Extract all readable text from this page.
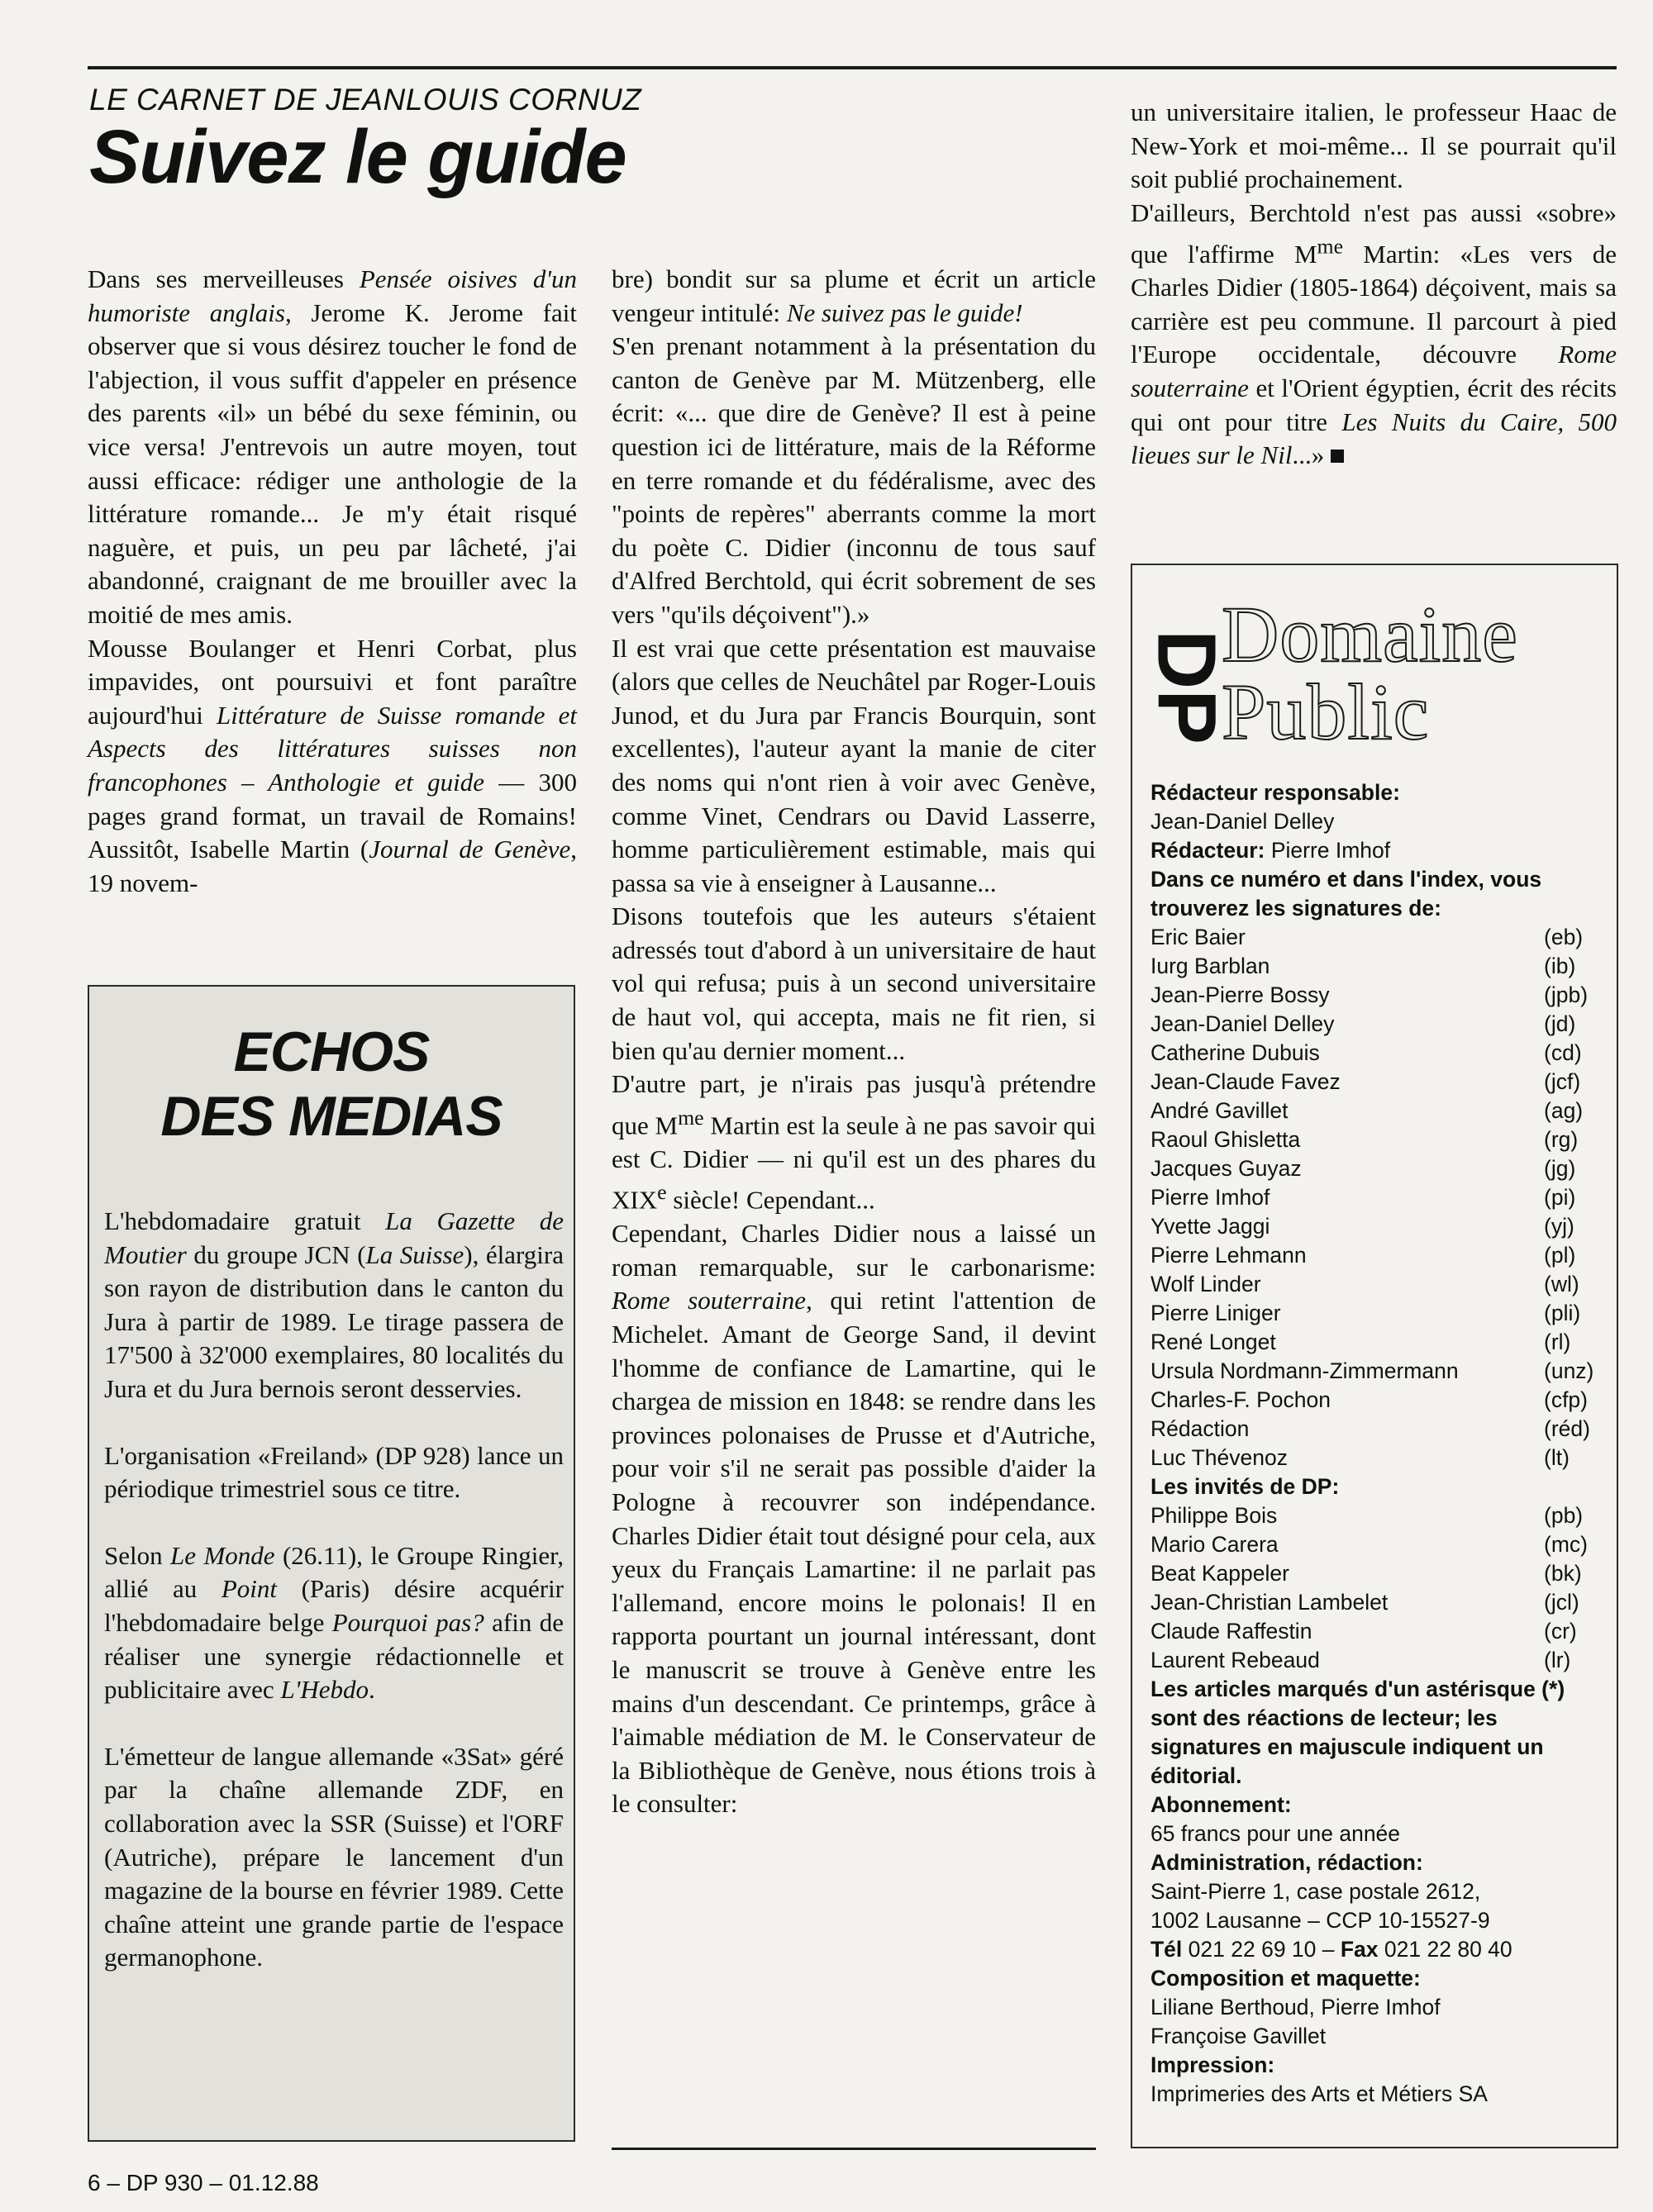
LE CARNET DE JEANLOUIS CORNUZ
Suivez le guide

Dans ses merveilleuses Pensée oisives d'un humoriste anglais, Jerome K. Jerome fait observer que si vous désirez toucher le fond de l'abjection, il vous suffit d'appeler en présence des parents «il» un bébé du sexe féminin, ou vice versa! J'entrevois un autre moyen, tout aussi efficace: rédiger une anthologie de la littérature romande... Je m'y était risqué naguère, et puis, un peu par lâcheté, j'ai abandonné, craignant de me brouiller avec la moitié de mes amis.

Mousse Boulanger et Henri Corbat, plus impavides, ont poursuivi et font paraître aujourd'hui Littérature de Suisse romande et Aspects des littératures suisses non francophones – Anthologie et guide — 300 pages grand format, un travail de Romains! Aussitôt, Isabelle Martin (Journal de Genève, 19 novem-

bre) bondit sur sa plume et écrit un article vengeur intitulé: Ne suivez pas le guide!

S'en prenant notamment à la présentation du canton de Genève par M. Mützenberg, elle écrit: «... que dire de Genève? Il est à peine question ici de littérature, mais de la Réforme en terre romande et du fédéralisme, avec des "points de repères" aberrants comme la mort du poète C. Didier (inconnu de tous sauf d'Alfred Berchtold, qui écrit sobrement de ses vers "qu'ils déçoivent").»

Il est vrai que cette présentation est mauvaise (alors que celles de Neuchâtel par Roger-Louis Junod, et du Jura par Francis Bourquin, sont excellentes), l'auteur ayant la manie de citer des noms qui n'ont rien à voir avec Genève, comme Vinet, Cendrars ou David Lasserre, homme particulièrement estimable, mais qui passa sa vie à enseigner à Lausanne...

Disons toutefois que les auteurs s'étaient adressés tout d'abord à un universitaire de haut vol qui refusa; puis à un second universitaire de haut vol, qui accepta, mais ne fit rien, si bien qu'au dernier moment...

D'autre part, je n'irais pas jusqu'à prétendre que $M^{me}$ Martin est la seule à ne pas savoir qui est C. Didier — ni qu'il est un des phares du XIXe siècle! Cependant...

Cependant, Charles Didier nous a laissé un roman remarquable, sur le carbonarisme: Rome souterraine, qui retint l'attention de Michelet. Amant de George Sand, il devint l'homme de confiance de Lamartine, qui le chargea de mission en 1848: se rendre dans les provinces polonaises de Prusse et d'Autriche, pour voir s'il ne serait pas possible d'aider la Pologne à recouvrer son indépendance. Charles Didier était tout désigné pour cela, aux yeux du Français Lamartine: il ne parlait pas l'allemand, encore moins le polonais! Il en rapporta pourtant un journal intéressant, dont le manuscrit se trouve à Genève entre les mains d'un descendant. Ce printemps, grâce à l'aimable médiation de M. le Conservateur de la Bibliothèque de Genève, nous étions trois à le consulter:

un universitaire italien, le professeur Haac de New-York et moi-même... Il se pourrait qu'il soit publié prochainement.

D'ailleurs, Berchtold n'est pas aussi «sobre» que l'affirme $M^{me}$ Martin: «Les vers de Charles Didier (1805-1864) déçoivent, mais sa carrière est peu commune. Il parcourt à pied l'Europe occidentale, découvre Rome souterraine et l'Orient égyptien, écrit des récits qui ont pour titre Les Nuits du Caire, 500 lieues sur le Nil...»

ECHOS
DES MEDIAS

L'hebdomadaire gratuit La Gazette de Moutier du groupe JCN (La Suisse), élargira son rayon de distribution dans le canton du Jura à partir de 1989. Le tirage passera de 17'500 à 32'000 exemplaires, 80 localités du Jura et du Jura bernois seront desservies.

L'organisation «Freiland» (DP 928) lance un périodique trimestriel sous ce titre.

Selon Le Monde (26.11), le Groupe Ringier, allié au Point (Paris) désire acquérir l'hebdomadaire belge Pourquoi pas? afin de réaliser une synergie rédactionnelle et publicitaire avec L'Hebdo.

L'émetteur de langue allemande «3Sat» géré par la chaîne allemande ZDF, en collaboration avec la SSR (Suisse) et l'ORF (Autriche), prépare le lancement d'un magazine de la bourse en février 1989. Cette chaîne atteint une grande partie de l'espace germanophone.

DP
Domaine
Public
Rédacteur responsable:
Jean-Daniel Delley
Rédacteur: Pierre Imhof
Dans ce numéro et dans l'index, vous trouverez les signatures de:
Eric Baier	(eb)
Iurg Barblan	(ib)
Jean-Pierre Bossy	(jpb)
Jean-Daniel Delley	(jd)
Catherine Dubuis	(cd)
Jean-Claude Favez	(jcf)
André Gavillet	(ag)
Raoul Ghisletta	(rg)
Jacques Guyaz	(jg)
Pierre Imhof	(pi)
Yvette Jaggi	(yj)
Pierre Lehmann	(pl)
Wolf Linder	(wl)
Pierre Liniger	(pli)
René Longet	(rl)
Ursula Nordmann-Zimmermann	(unz)
Charles-F. Pochon	(cfp)
Rédaction	(réd)
Luc Thévenoz	(lt)
Les invités de DP:
Philippe Bois	(pb)
Mario Carera	(mc)
Beat Kappeler	(bk)
Jean-Christian Lambelet	(jcl)
Claude Raffestin	(cr)
Laurent Rebeaud	(lr)
Les articles marqués d'un astérisque (*) sont des réactions de lecteur; les signatures en majuscule indiquent un éditorial.
Abonnement:
65 francs pour une année
Administration, rédaction:
Saint-Pierre 1, case postale 2612,
1002 Lausanne – CCP 10-15527-9
Tél 021 22 69 10 – Fax 021 22 80 40
Composition et maquette:
Liliane Berthoud, Pierre Imhof
Françoise Gavillet
Impression:
Imprimeries des Arts et Métiers SA
6 – DP 930 – 01.12.88
